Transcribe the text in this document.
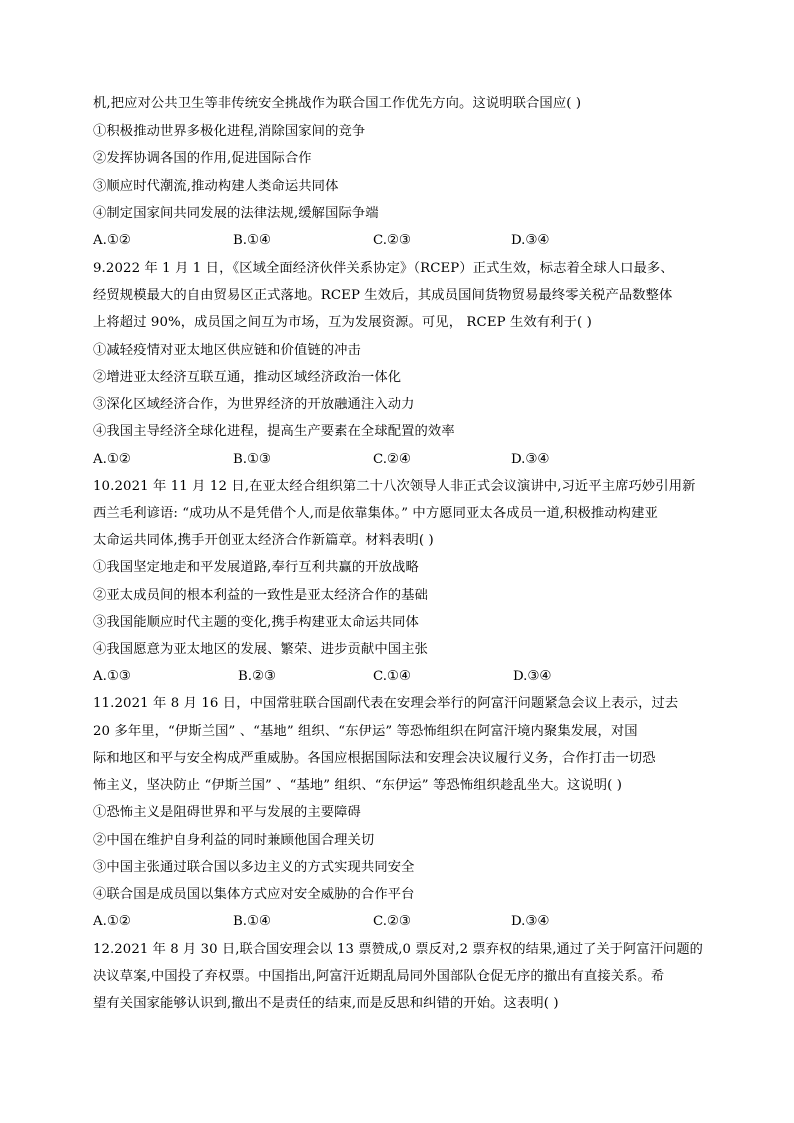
机,把应对公共卫生等非传统安全挑战作为联合国工作优先方向。这说明联合国应( )
①积极推动世界多极化进程,消除国家间的竞争
②发挥协调各国的作用,促进国际合作
③顺应时代潮流,推动构建人类命运共同体
④制定国家间共同发展的法律法规,缓解国际争端
A.①②	B.①④	C.②③	D.③④
9.2022 年 1 月 1 日，《区域全面经济伙伴关系协定》（RCEP）正式生效，标志着全球人口最多、
经贸规模最大的自由贸易区正式落地。RCEP 生效后，其成员国间货物贸易最终零关税产品数整体
上将超过 90%，成员国之间互为市场，互为发展资源。可见， RCEP 生效有利于( )
①减轻疫情对亚太地区供应链和价值链的冲击
②增进亚太经济互联互通，推动区域经济政治一体化
③深化区域经济合作，为世界经济的开放融通注入动力
④我国主导经济全球化进程，提高生产要素在全球配置的效率
A.①②	B.①③	C.②④	D.③④
10.2021 年 11 月 12 日,在亚太经合组织第二十八次领导人非正式会议演讲中,习近平主席巧妙引用新
西兰毛利谚语: “成功从不是凭借个人,而是依靠集体。” 中方愿同亚太各成员一道,积极推动构建亚
太命运共同体,携手开创亚太经济合作新篇章。材料表明( )
①我国坚定地走和平发展道路,奉行互利共赢的开放战略
②亚太成员间的根本利益的一致性是亚太经济合作的基础
③我国能顺应时代主题的变化,携手构建亚太命运共同体
④我国愿意为亚太地区的发展、繁荣、进步贡献中国主张
A.①③	B.②③	C.①④	D.③④
11.2021 年 8 月 16 日，中国常驻联合国副代表在安理会举行的阿富汗问题紧急会议上表示，过去
20 多年里，“伊斯兰国” 、“基地” 组织、“东伊运” 等恐怖组织在阿富汗境内聚集发展，对国
际和地区和平与安全构成严重威胁。各国应根据国际法和安理会决议履行义务，合作打击一切恐
怖主义，坚决防止 “伊斯兰国” 、“基地” 组织、“东伊运” 等恐怖组织趁乱坐大。这说明( )
①恐怖主义是阻碍世界和平与发展的主要障碍
②中国在维护自身利益的同时兼顾他国合理关切
③中国主张通过联合国以多边主义的方式实现共同安全
④联合国是成员国以集体方式应对安全威胁的合作平台
A.①②	B.①④	C.②③	D.③④
12.2021 年 8 月 30 日,联合国安理会以 13 票赞成,0 票反对,2 票弃权的结果,通过了关于阿富汗问题的
决议草案,中国投了弃权票。中国指出,阿富汗近期乱局同外国部队仓促无序的撤出有直接关系。希
望有关国家能够认识到,撤出不是责任的结束,而是反思和纠错的开始。这表明( )
